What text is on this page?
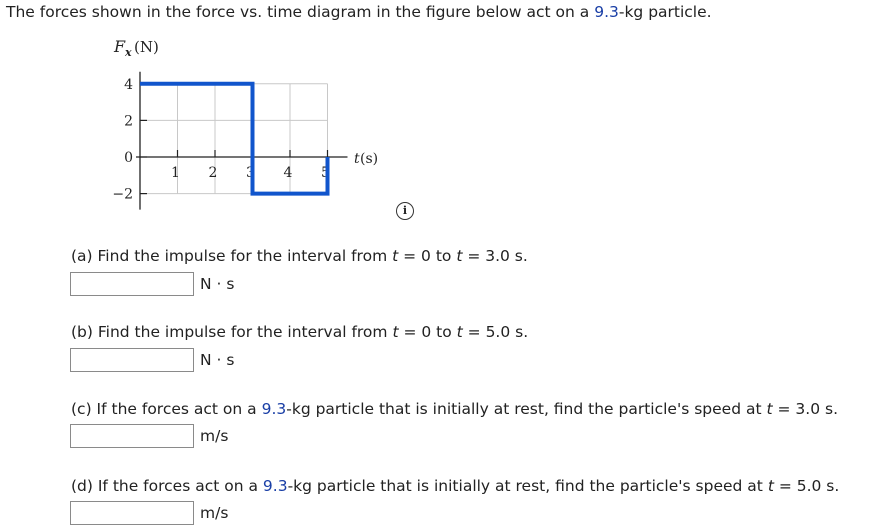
The forces shown in the force vs. time diagram in the figure below act on a 9.3-kg particle.
F x (N)
4
2
0
−2
1 2 3 4 5
t (s)
i
(a) Find the impulse for the interval from t = 0 to t = 3.0 s.
N · s
(b) Find the impulse for the interval from t = 0 to t = 5.0 s.
N · s
(c) If the forces act on a 9.3-kg particle that is initially at rest, find the particle's speed at t = 3.0 s.
m/s
(d) If the forces act on a 9.3-kg particle that is initially at rest, find the particle's speed at t = 5.0 s.
m/s
